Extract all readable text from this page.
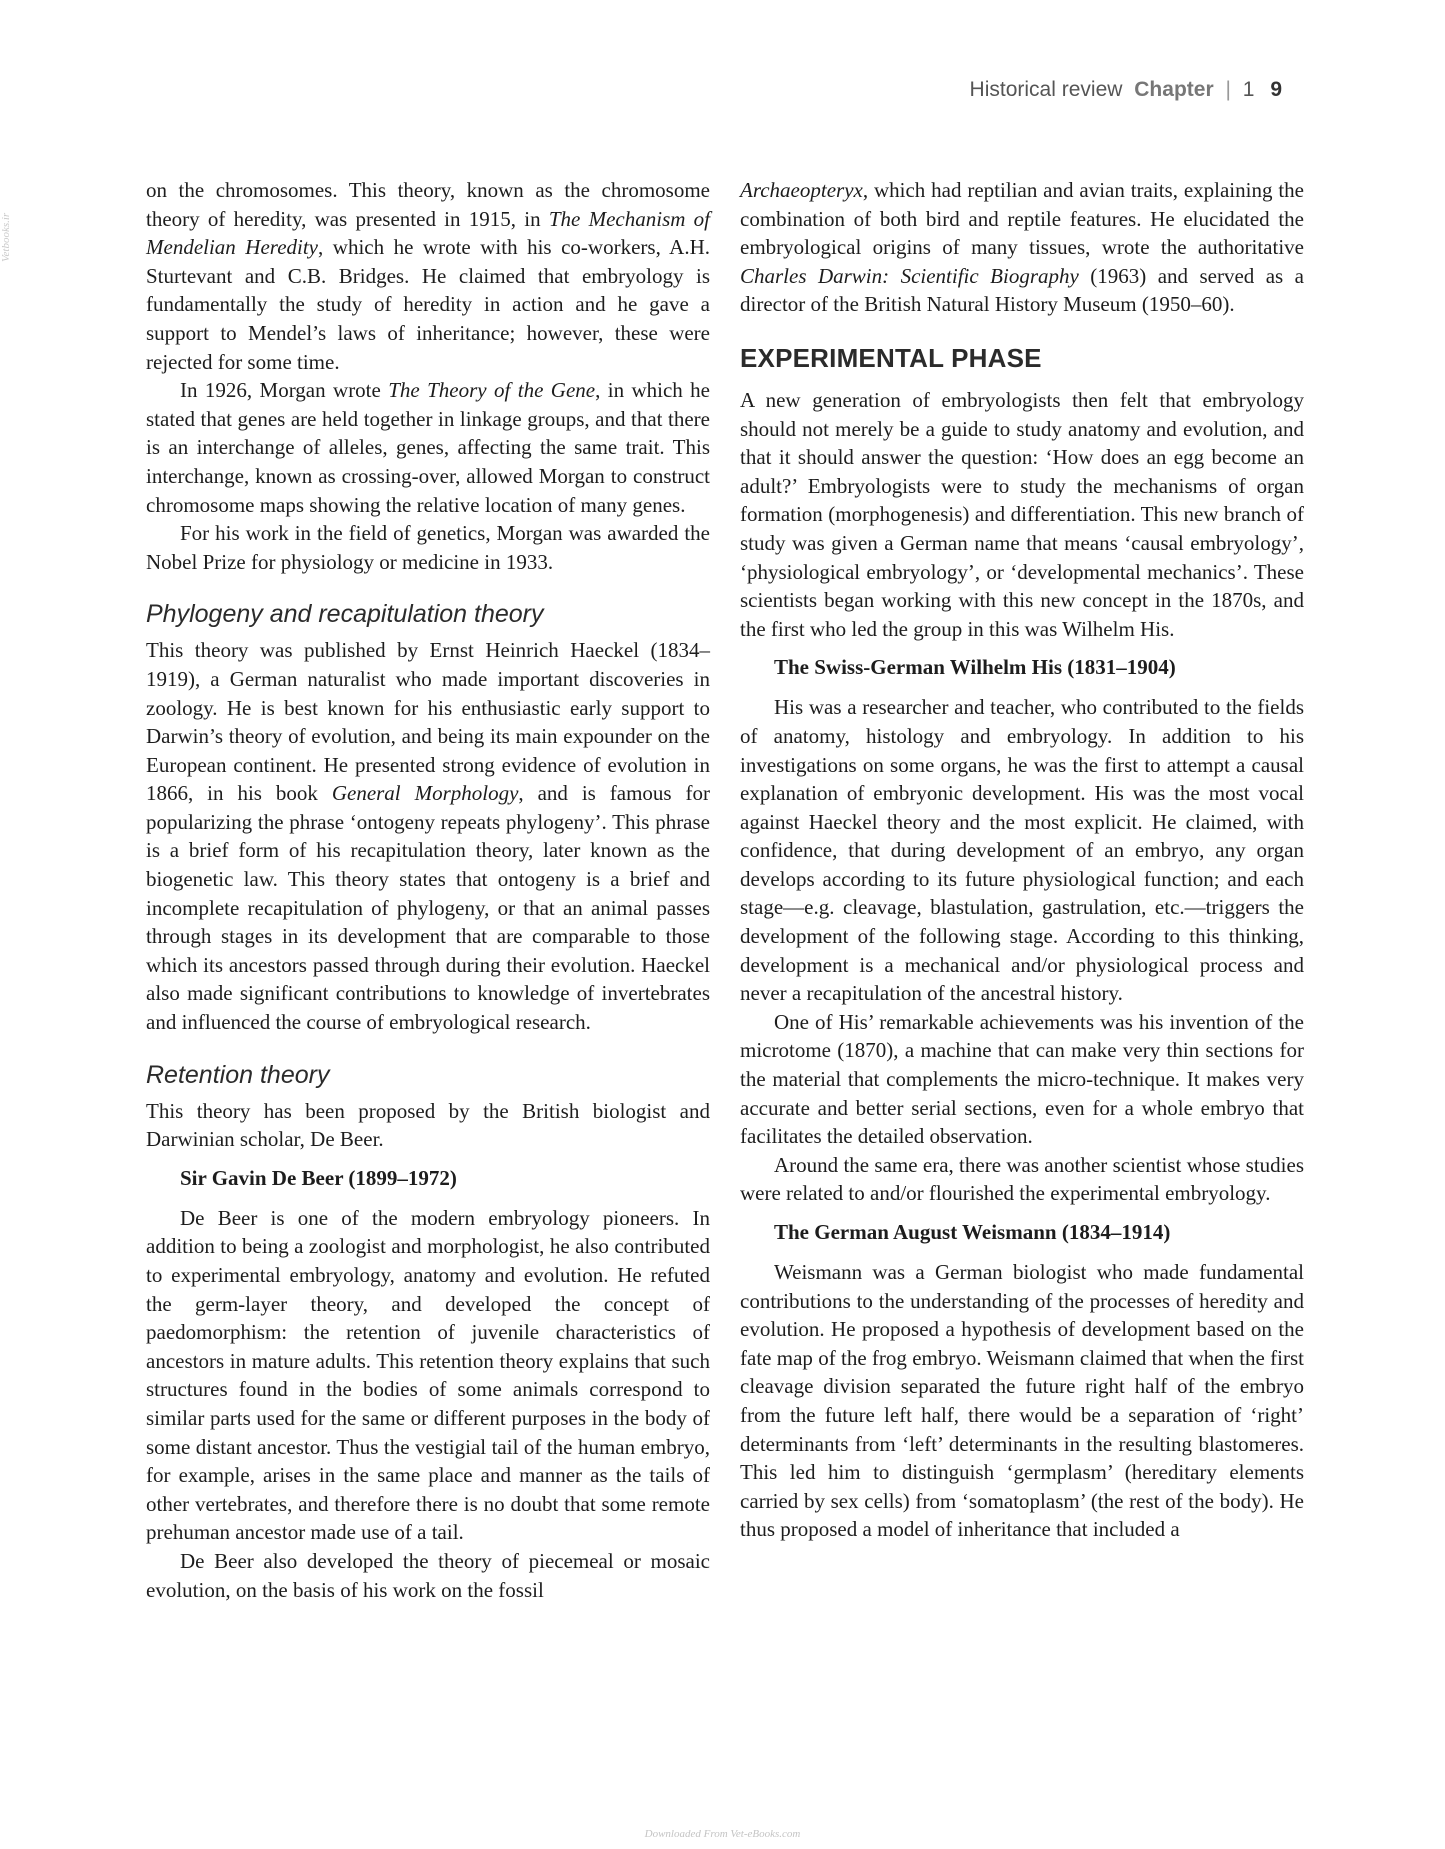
Historical review Chapter | 1 9
Vetbooks.ir

on the chromosomes. This theory, known as the chromosome theory of heredity, was presented in 1915, in The Mechanism of Mendelian Heredity, which he wrote with his co-workers, A.H. Sturtevant and C.B. Bridges. He claimed that embryology is fundamentally the study of heredity in action and he gave a support to Mendel’s laws of inheritance; however, these were rejected for some time.

In 1926, Morgan wrote The Theory of the Gene, in which he stated that genes are held together in linkage groups, and that there is an interchange of alleles, genes, affecting the same trait. This interchange, known as crossing-over, allowed Morgan to construct chromosome maps showing the relative location of many genes.

For his work in the field of genetics, Morgan was awarded the Nobel Prize for physiology or medicine in 1933.

Phylogeny and recapitulation theory

This theory was published by Ernst Heinrich Haeckel (1834–1919), a German naturalist who made important discoveries in zoology. He is best known for his enthusiastic early support to Darwin’s theory of evolution, and being its main expounder on the European continent. He presented strong evidence of evolution in 1866, in his book General Morphology, and is famous for popularizing the phrase ‘ontogeny repeats phylogeny’. This phrase is a brief form of his recapitulation theory, later known as the biogenetic law. This theory states that ontogeny is a brief and incomplete recapitulation of phylogeny, or that an animal passes through stages in its development that are comparable to those which its ancestors passed through during their evolution. Haeckel also made significant contributions to knowledge of invertebrates and influenced the course of embryological research.

Retention theory

This theory has been proposed by the British biologist and Darwinian scholar, De Beer.

Sir Gavin De Beer (1899–1972)

De Beer is one of the modern embryology pioneers. In addition to being a zoologist and morphologist, he also contributed to experimental embryology, anatomy and evolution. He refuted the germ-layer theory, and developed the concept of paedomorphism: the retention of juvenile characteristics of ancestors in mature adults. This retention theory explains that such structures found in the bodies of some animals correspond to similar parts used for the same or different purposes in the body of some distant ancestor. Thus the vestigial tail of the human embryo, for example, arises in the same place and manner as the tails of other vertebrates, and therefore there is no doubt that some remote prehuman ancestor made use of a tail.

De Beer also developed the theory of piecemeal or mosaic evolution, on the basis of his work on the fossil

Archaeopteryx, which had reptilian and avian traits, explaining the combination of both bird and reptile features. He elucidated the embryological origins of many tissues, wrote the authoritative Charles Darwin: Scientific Biography (1963) and served as a director of the British Natural History Museum (1950–60).

EXPERIMENTAL PHASE

A new generation of embryologists then felt that embryology should not merely be a guide to study anatomy and evolution, and that it should answer the question: ‘How does an egg become an adult?’ Embryologists were to study the mechanisms of organ formation (morphogenesis) and differentiation. This new branch of study was given a German name that means ‘causal embryology’, ‘physiological embryology’, or ‘developmental mechanics’. These scientists began working with this new concept in the 1870s, and the first who led the group in this was Wilhelm His.

The Swiss-German Wilhelm His (1831–1904)

His was a researcher and teacher, who contributed to the fields of anatomy, histology and embryology. In addition to his investigations on some organs, he was the first to attempt a causal explanation of embryonic development. His was the most vocal against Haeckel theory and the most explicit. He claimed, with confidence, that during development of an embryo, any organ develops according to its future physiological function; and each stage—e.g. cleavage, blastulation, gastrulation, etc.—triggers the development of the following stage. According to this thinking, development is a mechanical and/or physiological process and never a recapitulation of the ancestral history.

One of His’ remarkable achievements was his invention of the microtome (1870), a machine that can make very thin sections for the material that complements the micro-technique. It makes very accurate and better serial sections, even for a whole embryo that facilitates the detailed observation.

Around the same era, there was another scientist whose studies were related to and/or flourished the experimental embryology.

The German August Weismann (1834–1914)

Weismann was a German biologist who made fundamental contributions to the understanding of the processes of heredity and evolution. He proposed a hypothesis of development based on the fate map of the frog embryo. Weismann claimed that when the first cleavage division separated the future right half of the embryo from the future left half, there would be a separation of ‘right’ determinants from ‘left’ determinants in the resulting blastomeres. This led him to distinguish ‘germplasm’ (hereditary elements carried by sex cells) from ‘somatoplasm’ (the rest of the body). He thus proposed a model of inheritance that included a

Downloaded From Vet-eBooks.com
